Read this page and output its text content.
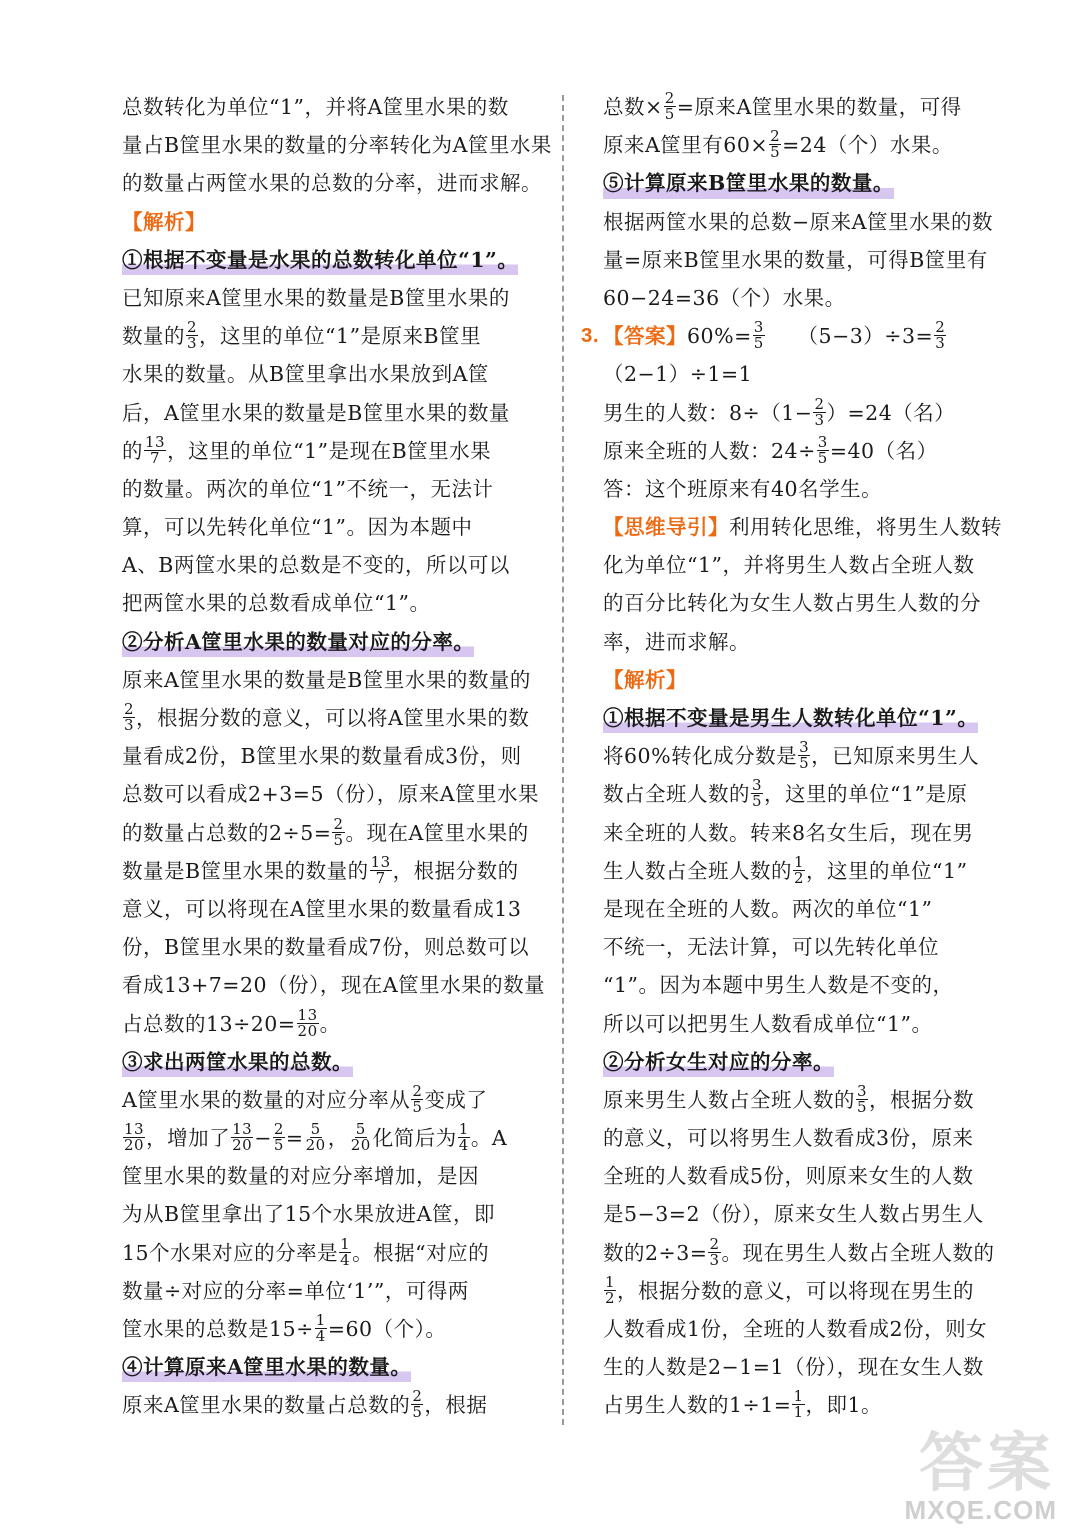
总数转化为单位“1”，并将A筐里水果的数
量占B筐里水果的数量的分率转化为A筐里水果
的数量占两筐水果的总数的分率，进而求解。
【解析】
①根据不变量是水果的总数转化单位“1”。
已知原来A筐里水果的数量是B筐里水果的
数量的 $\frac{2}{3}$ ，这里的单位“1”是原来B筐里
水果的数量。从B筐里拿出水果放到A筐
后，A筐里水果的数量是B筐里水果的数量
的 $\frac{13}{7}$ ，这里的单位“1”是现在B筐里水果
的数量。两次的单位“1”不统一，无法计
算，可以先转化单位“1”。因为本题中
A、B两筐水果的总数是不变的，所以可以
把两筐水果的总数看成单位“1”。
②分析A筐里水果的数量对应的分率。
原来A筐里水果的数量是B筐里水果的数量的
$\frac{2}{3}$ ，根据分数的意义，可以将A筐里水果的数
量看成2份，B筐里水果的数量看成3份，则
总数可以看成2+3=5（份），原来A筐里水果
的数量占总数的$2\div 5= \frac{2}{5}$ 。现在A筐里水果的
数量是B筐里水果的数量的 $\frac{13}{7}$ ，根据分数的
意义，可以将现在A筐里水果的数量看成13
份，B筐里水果的数量看成7份，则总数可以
看成13+7=20（份），现在A筐里水果的数量
占总数的$13\div 20= \frac{13}{20}$ 。
③求出两筐水果的总数。
A筐里水果的数量的对应分率从 $\frac{2}{5}$ 变成了
$\frac{13}{20}$ ，增加了 $\frac{13}{20} - \frac{2}{5} = \frac{5}{20}$ ， $\frac{5}{20}$ 化简后为 $\frac{1}{4}$ 。A
筐里水果的数量的对应分率增加，是因
为从B筐里拿出了15个水果放进A筐，即
15个水果对应的分率是 $\frac{1}{4}$ 。根据“对应的
数量÷对应的分率=单位‘1’”，可得两
筐水果的总数是$15\div \frac{1}{4} =60$（个）。
④计算原来A筐里水果的数量。
原来A筐里水果的数量占总数的 $\frac{2}{5}$ ，根据
3.
总数× $\frac{2}{5}$ =原来A筐里水果的数量，可得
原来A筐里有$60\times \frac{2}{5} =24$（个）水果。
⑤计算原来B筐里水果的数量。
根据两筐水果的总数−原来A筐里水果的数
量=原来B筐里水果的数量，可得B筐里有
60−24=36（个）水果。
【答案】$60\%= \frac{3}{5}$ 　　$(5-3)\div 3= \frac{2}{3}$
（2−1）÷1=1
男生的人数：$8\div(1- \frac{2}{3} )=24$（名）
原来全班的人数：$24\div \frac{3}{5} =40$（名）
答：这个班原来有40名学生。
【思维导引】利用转化思维，将男生人数转
化为单位“1”，并将男生人数占全班人数
的百分比转化为女生人数占男生人数的分
率，进而求解。
【解析】
①根据不变量是男生人数转化单位“1”。
将60%转化成分数是 $\frac{3}{5}$ ，已知原来男生人
数占全班人数的 $\frac{3}{5}$ ，这里的单位“1”是原
来全班的人数。转来8名女生后，现在男
生人数占全班人数的 $\frac{1}{2}$ ，这里的单位“1”
是现在全班的人数。两次的单位“1”
不统一，无法计算，可以先转化单位
“1”。因为本题中男生人数是不变的，
所以可以把男生人数看成单位“1”。
②分析女生对应的分率。
原来男生人数占全班人数的 $\frac{3}{5}$ ，根据分数
的意义，可以将男生人数看成3份，原来
全班的人数看成5份，则原来女生的人数
是5−3=2（份），原来女生人数占男生人
数的$2\div 3= \frac{2}{3}$ 。现在男生人数占全班人数的
$\frac{1}{2}$ ，根据分数的意义，可以将现在男生的
人数看成1份，全班的人数看成2份，则女
生的人数是2−1=1（份），现在女生人数
占男生人数的$1\div 1= \frac{1}{1}$ ，即1。
答案
MXQE.COM
